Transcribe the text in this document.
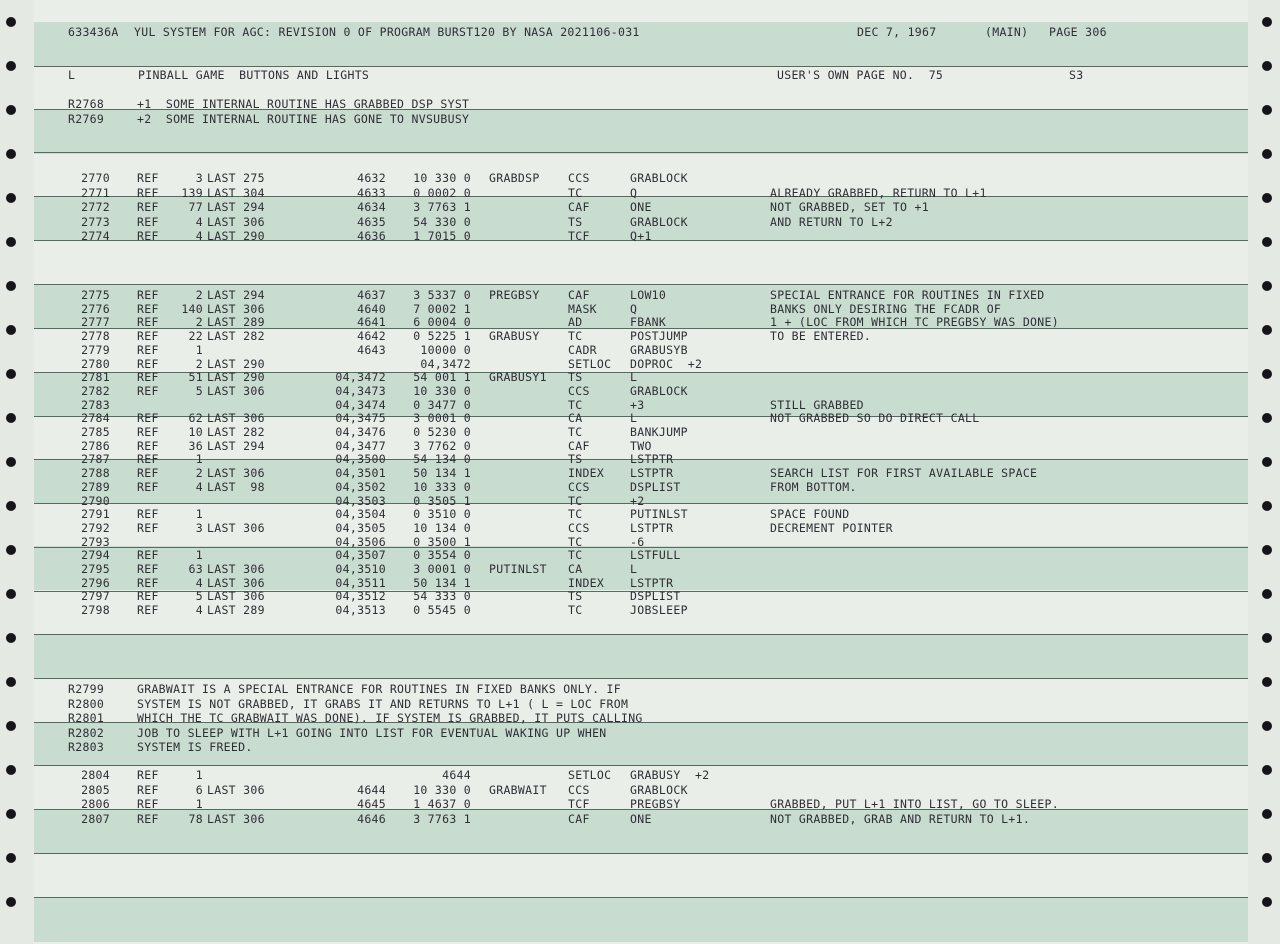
633436A YUL SYSTEM FOR AGC: REVISION 0 OF PROGRAM BURST120 BY NASA 2021106-031	DEC 7, 1967	(MAIN) PAGE 306
L	PINBALL GAME  BUTTONS AND LIGHTS	USER'S OWN PAGE NO.  75	S3
R2768	+1  SOME INTERNAL ROUTINE HAS GRABBED DSP SYST
R2769	+2  SOME INTERNAL ROUTINE HAS GONE TO NVSUBUSY
R2799	GRABWAIT IS A SPECIAL ENTRANCE FOR ROUTINES IN FIXED BANKS ONLY. IF
R2800	SYSTEM IS NOT GRABBED, IT GRABS IT AND RETURNS TO L+1 ( L = LOC FROM
R2801	WHICH THE TC GRABWAIT WAS DONE). IF SYSTEM IS GRABBED, IT PUTS CALLING
R2802	JOB TO SLEEP WITH L+1 GOING INTO LIST FOR EVENTUAL WAKING UP WHEN
R2803	SYSTEM IS FREED.
2770 REF	3 LAST 275	4632 10 330 0 GRABDSP CCS	GRABLOCK
2771 REF 139 LAST 304	4633 0 0002 0	TC	Q	ALREADY GRABBED, RETURN TO L+1
2772 REF	77 LAST 294	4634 3 7763 1	CAF	ONE	NOT GRABBED, SET TO +1
2773 REF	4 LAST 306	4635 54 330 0	TS	GRABLOCK	AND RETURN TO L+2
2774 REF	4 LAST 290	4636 1 7015 0	TCF	Q+1
2775 REF	2 LAST 294	4637 3 5337 0 PREGBSY CAF	LOW10	SPECIAL ENTRANCE FOR ROUTINES IN FIXED
2776 REF 140 LAST 306	4640 7 0002 1	MASK	Q	BANKS ONLY DESIRING THE FCADR OF
2777 REF	2 LAST 289	4641 6 0004 0	AD	FBANK	1 + (LOC FROM WHICH TC PREGBSY WAS DONE)
2778 REF	22 LAST 282	4642 0 5225 1 GRABUSY TC	POSTJUMP	TO BE ENTERED.
2779 REF	1	4643	10000 0	CADR	GRABUSYB
2780 REF	2 LAST 290	04,3472	SETLOC DOPROC  +2
2781 REF	51 LAST 290	04,3472 54 001 1 GRABUSY1 TS	L
2782 REF	5 LAST 306	04,3473 10 330 0	CCS	GRABLOCK
2783	04,3474 0 3477 0	TC	+3	STILL GRABBED
2784 REF	62 LAST 306	04,3475 3 0001 0	CA	L	NOT GRABBED SO DO DIRECT CALL
2785 REF	10 LAST 282	04,3476 0 5230 0	TC	BANKJUMP
2786 REF	36 LAST 294	04,3477 3 7762 0	CAF	TWO
2787 REF	1	04,3500 54 134 0	TS	LSTPTR
2788 REF	2 LAST 306	04,3501 50 134 1	INDEX LSTPTR	SEARCH LIST FOR FIRST AVAILABLE SPACE
2789 REF	4 LAST  98	04,3502 10 333 0	CCS	DSPLIST	FROM BOTTOM.
2790	04,3503 0 3505 1	TC	+2
2791 REF	1	04,3504 0 3510 0	TC	PUTINLST	SPACE FOUND
2792 REF	3 LAST 306	04,3505 10 134 0	CCS	LSTPTR	DECREMENT POINTER
2793	04,3506 0 3500 1	TC	-6
2794 REF	1	04,3507 0 3554 0	TC	LSTFULL
2795 REF	63 LAST 306	04,3510 3 0001 0 PUTINLST CA	L
2796 REF	4 LAST 306	04,3511 50 134 1	INDEX LSTPTR
2797 REF	5 LAST 306	04,3512 54 333 0	TS	DSPLIST
2798 REF	4 LAST 289	04,3513 0 5545 0	TC	JOBSLEEP
2804 REF	1	4644	SETLOC GRABUSY  +2
2805 REF	6 LAST 306	4644 10 330 0 GRABWAIT CCS	GRABLOCK
2806 REF	1	4645 1 4637 0	TCF	PREGBSY	GRABBED, PUT L+1 INTO LIST, GO TO SLEEP.
2807 REF	78 LAST 306	4646 3 7763 1	CAF	ONE	NOT GRABBED, GRAB AND RETURN TO L+1.
